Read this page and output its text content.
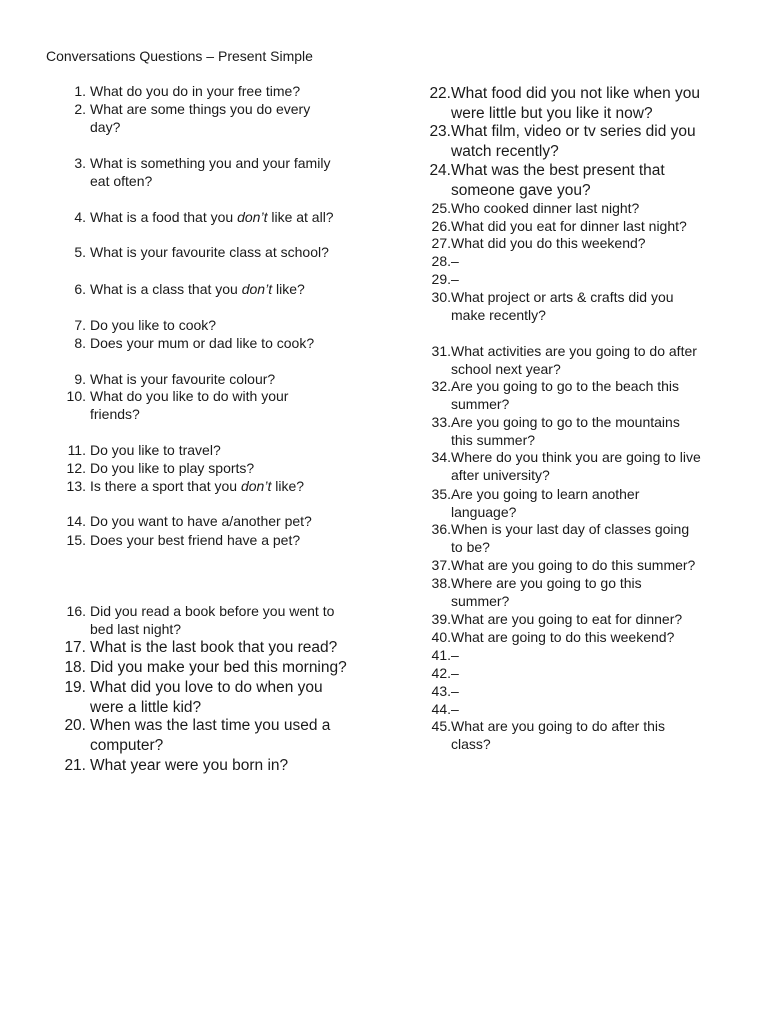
Conversations Questions – Present Simple
1. What do you do in your free time?
2. What are some things you do every
day?
3. What is something you and your family
eat often?
4. What is a food that you don’t like at all?
5. What is your favourite class at school?
6. What is a class that you don’t like?
7. Do you like to cook?
8. Does your mum or dad like to cook?
9. What is your favourite colour?
10. What do you like to do with your
friends?
11. Do you like to travel?
12. Do you like to play sports?
13. Is there a sport that you don’t like?
14. Do you want to have a/another pet?
15. Does your best friend have a pet?
16. Did you read a book before you went to
bed last night?
17. What is the last book that you read?
18. Did you make your bed this morning?
19. What did you love to do when you
were a little kid?
20. When was the last time you used a
computer?
21. What year were you born in?
22. What food did you not like when you
were little but you like it now?
23. What film, video or tv series did you
watch recently?
24. What was the best present that
someone gave you?
25. Who cooked dinner last night?
26. What did you eat for dinner last night?
27. What did you do this weekend?
28. –
29. –
30. What project or arts & crafts did you
make recently?
31. What activities are you going to do after
school next year?
32. Are you going to go to the beach this
summer?
33. Are you going to go to the mountains
this summer?
34. Where do you think you are going to live
after university?
35. Are you going to learn another
language?
36. When is your last day of classes going
to be?
37. What are you going to do this summer?
38. Where are you going to go this
summer?
39. What are you going to eat for dinner?
40. What are going to do this weekend?
41. –
42. –
43. –
44. –
45. What are you going to do after this
class?
